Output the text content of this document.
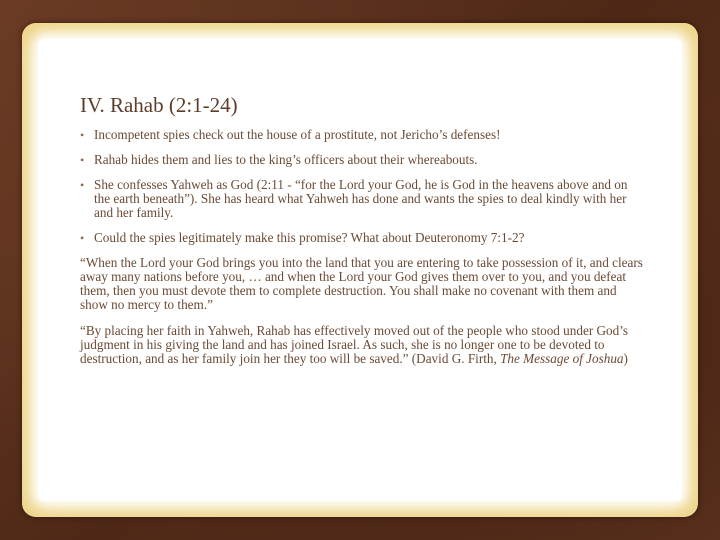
IV. Rahab (2:1-24)
• Incompetent spies check out the house of a prostitute, not Jericho’s defenses!
• Rahab hides them and lies to the king’s officers about their whereabouts.
• She confesses Yahweh as God (2:11 - “for the Lord your God, he is God in the heavens above and on the earth beneath”). She has heard what Yahweh has done and wants the spies to deal kindly with her and her family.
• Could the spies legitimately make this promise? What about Deuteronomy 7:1-2?

“When the Lord your God brings you into the land that you are entering to take possession of it, and clears away many nations before you, … and when the Lord your God gives them over to you, and you defeat them, then you must devote them to complete destruction. You shall make no covenant with them and show no mercy to them.”

“By placing her faith in Yahweh, Rahab has effectively moved out of the people who stood under God’s judgment in his giving the land and has joined Israel. As such, she is no longer one to be devoted to destruction, and as her family join her they too will be saved.” (David G. Firth, The Message of Joshua)
